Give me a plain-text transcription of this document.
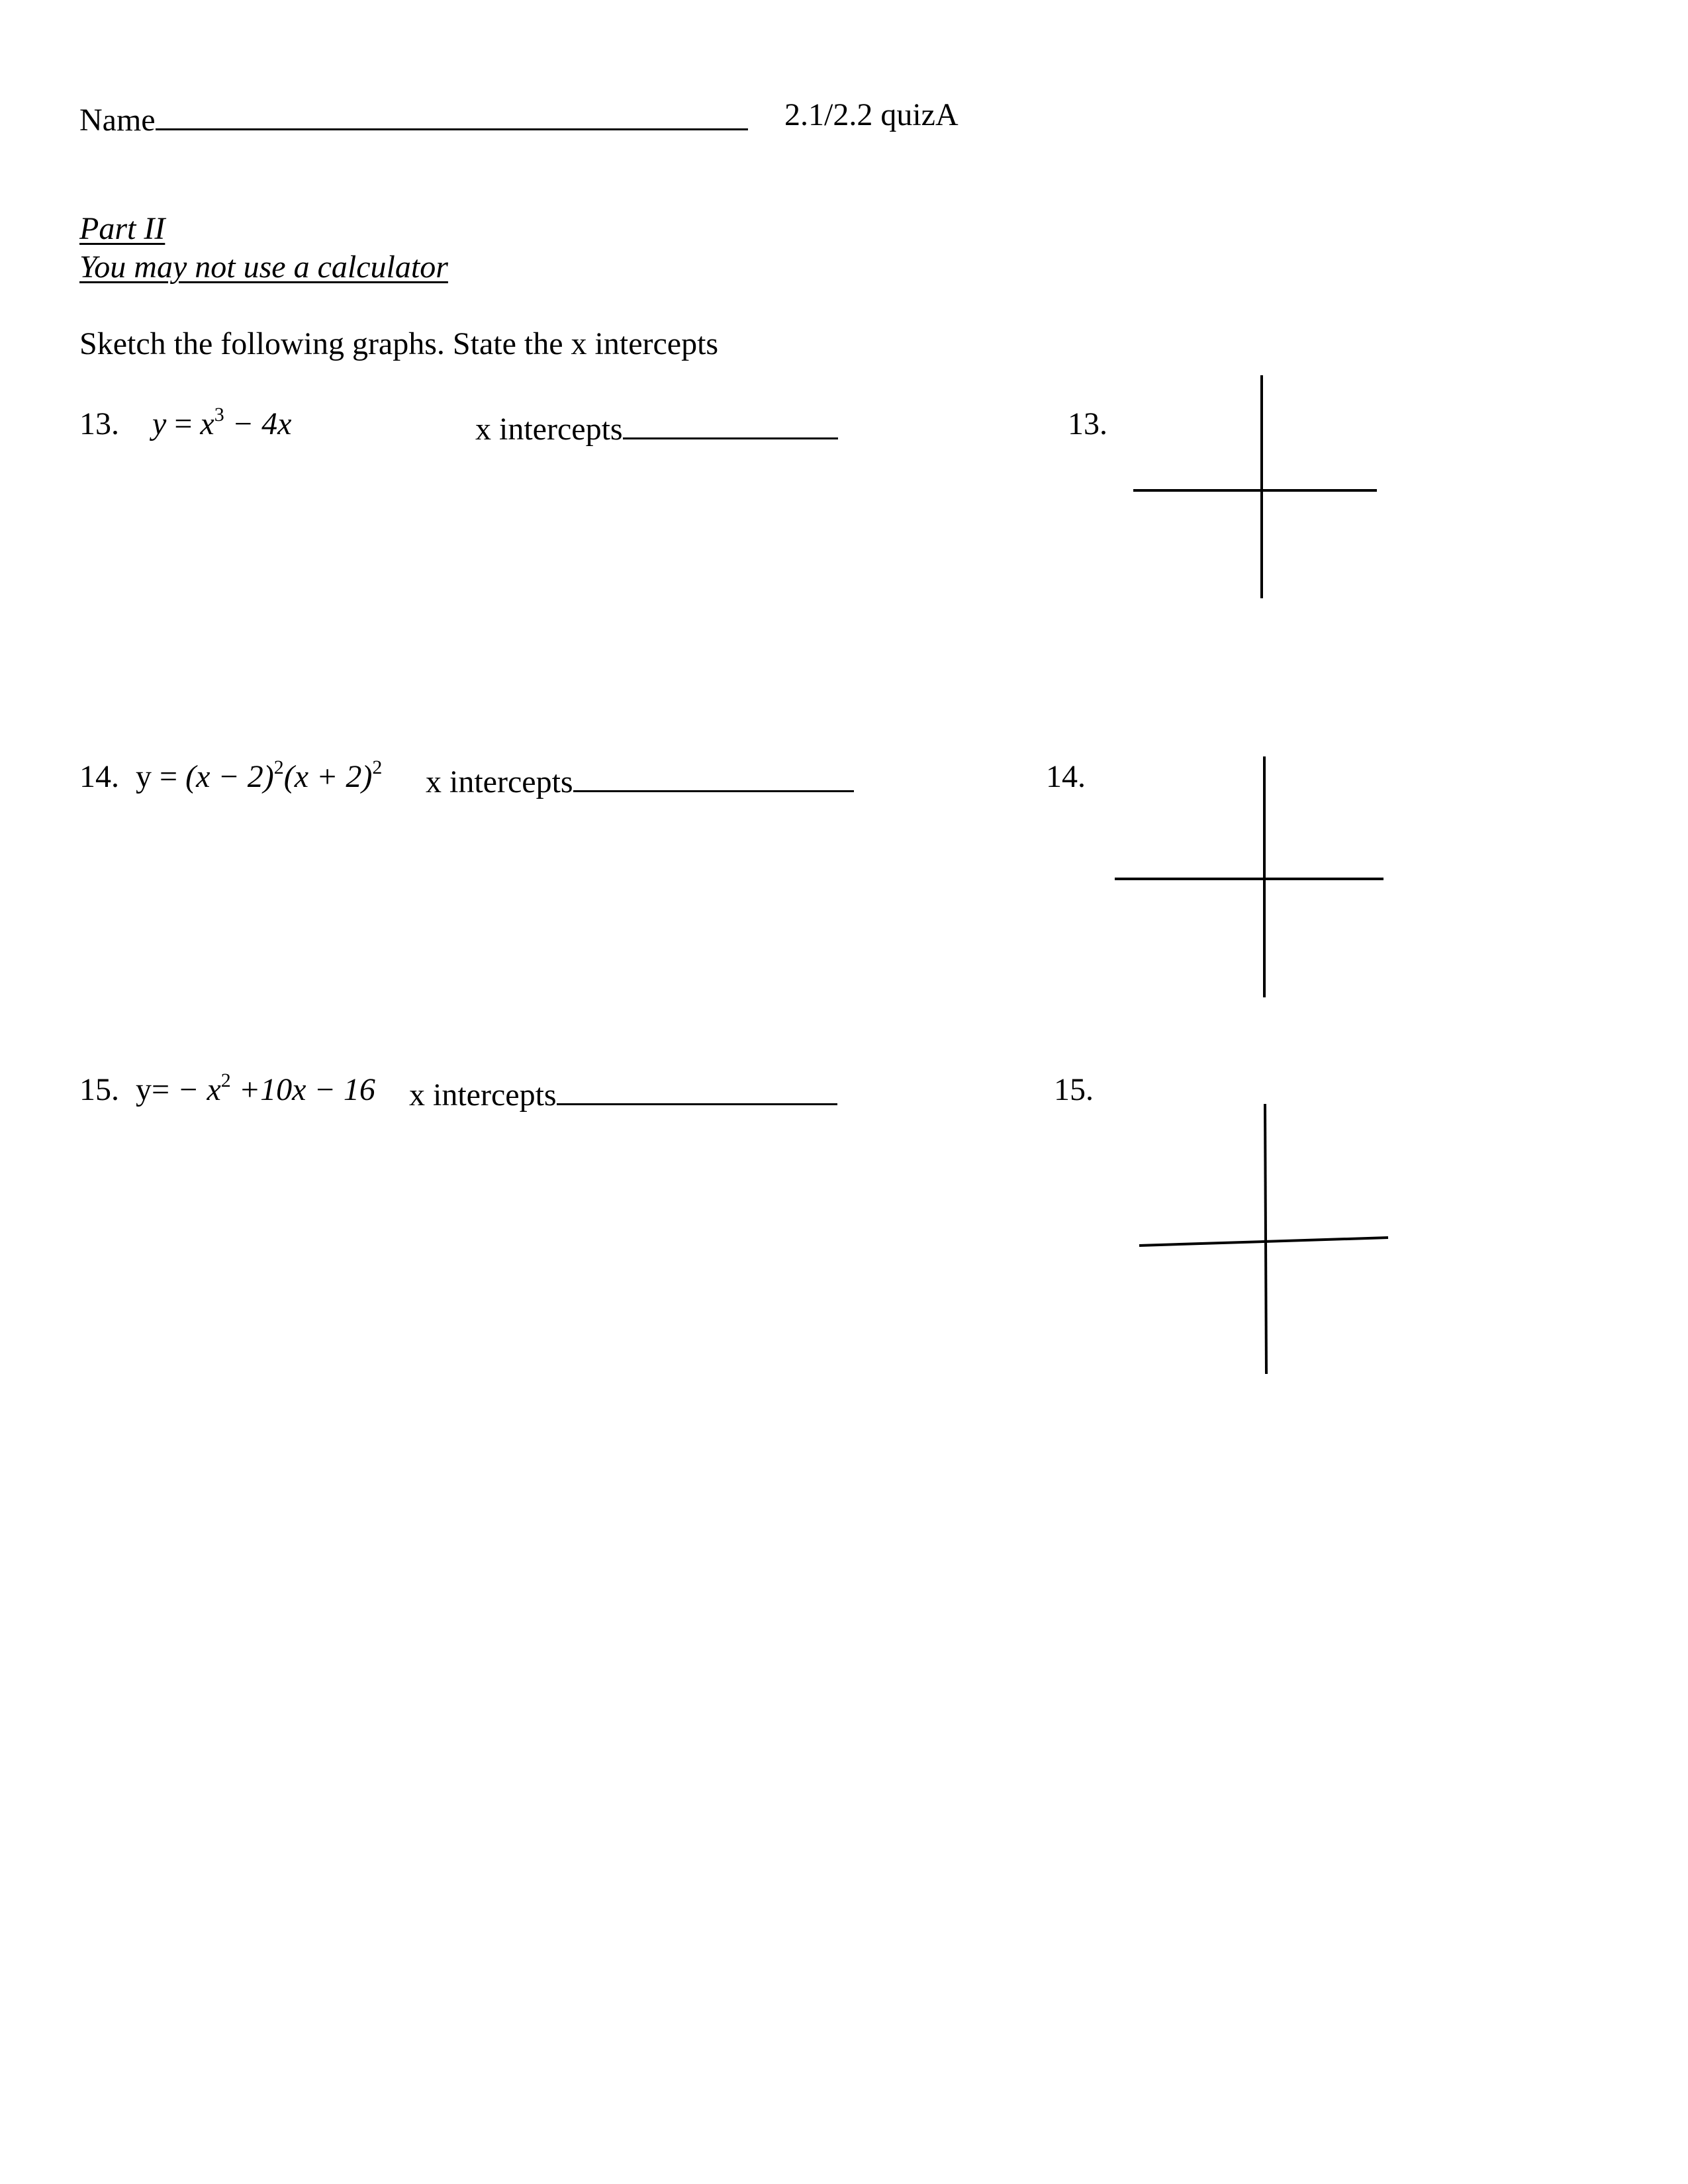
Name	2.1/2.2 quizA
Part II
You may not use a calculator
Sketch the following graphs. State the x intercepts
13. $y = x^3 - 4x$	x intercepts	13.
14. $y = (x - 2)^2(x + 2)^2$ x intercepts	14.
15. $y= - x^2 +10x - 16$ x intercepts	15.
